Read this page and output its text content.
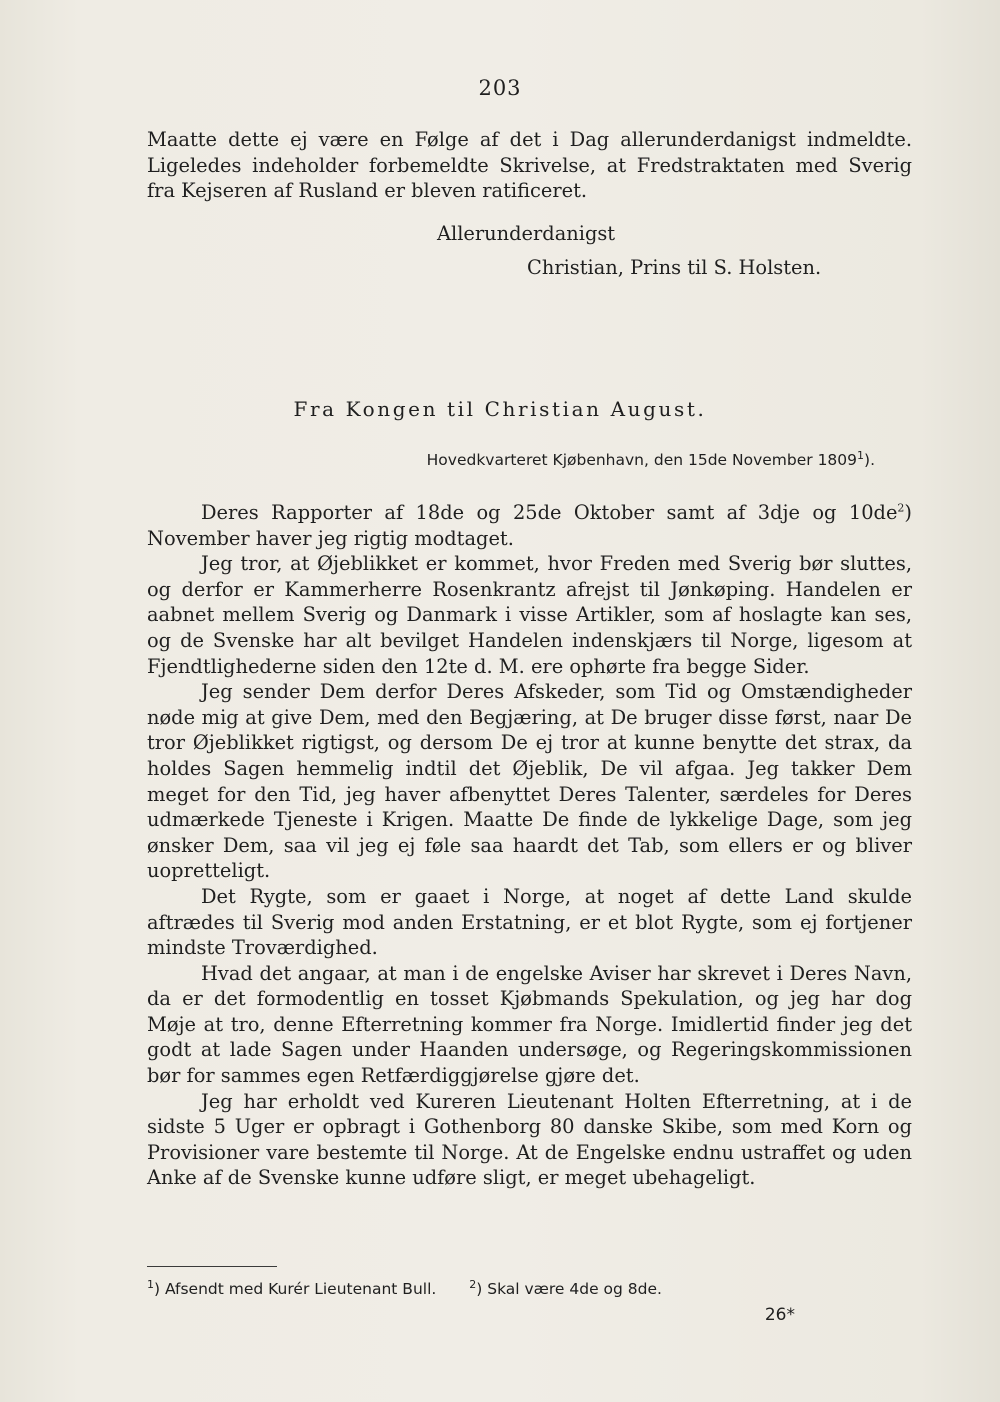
203

Maatte dette ej være en Følge af det i Dag allerunderdanigst indmeldte. Ligeledes indeholder forbemeldte Skrivelse, at Fredstraktaten med Sverig fra Kejseren af Rusland er bleven ratificeret.

Allerunderdanigst
Christian, Prins til S. Holsten.
Fra Kongen til Christian August.
Hovedkvarteret Kjøbenhavn, den 15de November 1809$^1$).

Deres Rapporter af 18de og 25de Oktober samt af 3dje og $10de^2$) November haver jeg rigtig modtaget.

Jeg tror, at Øjeblikket er kommet, hvor Freden med Sverig bør sluttes, og derfor er Kammerherre Rosenkrantz afrejst til Jønkøping. Handelen er aabnet mellem Sverig og Danmark i visse Artikler, som af hoslagte kan ses, og de Svenske har alt bevilget Handelen indenskjærs til Norge, ligesom at Fjendtlighederne siden den 12te d. M. ere ophørte fra begge Sider.

Jeg sender Dem derfor Deres Afskeder, som Tid og Omstændigheder nøde mig at give Dem, med den Begjæring, at De bruger disse først, naar De tror Øjeblikket rigtigst, og dersom De ej tror at kunne benytte det strax, da holdes Sagen hemmelig indtil det Øjeblik, De vil afgaa. Jeg takker Dem meget for den Tid, jeg haver afbenyttet Deres Talenter, særdeles for Deres udmærkede Tjeneste i Krigen. Maatte De finde de lykkelige Dage, som jeg ønsker Dem, saa vil jeg ej føle saa haardt det Tab, som ellers er og bliver uopretteligt.

Det Rygte, som er gaaet i Norge, at noget af dette Land skulde aftrædes til Sverig mod anden Erstatning, er et blot Rygte, som ej fortjener mindste Troværdighed.

Hvad det angaar, at man i de engelske Aviser har skrevet i Deres Navn, da er det formodentlig en tosset Kjøbmands Spekulation, og jeg har dog Møje at tro, denne Efterretning kommer fra Norge. Imidlertid finder jeg det godt at lade Sagen under Haanden undersøge, og Regeringskommissionen bør for sammes egen Retfærdiggjørelse gjøre det.

Jeg har erholdt ved Kureren Lieutenant Holten Efterretning, at i de sidste 5 Uger er opbragt i Gothenborg 80 danske Skibe, som med Korn og Provisioner vare bestemte til Norge. At de Engelske endnu ustraffet og uden Anke af de Svenske kunne udføre sligt, er meget ubehageligt.

$^1$) Afsendt med Kurér Lieutenant Bull.	$^2$) Skal være 4de og 8de.
26*
